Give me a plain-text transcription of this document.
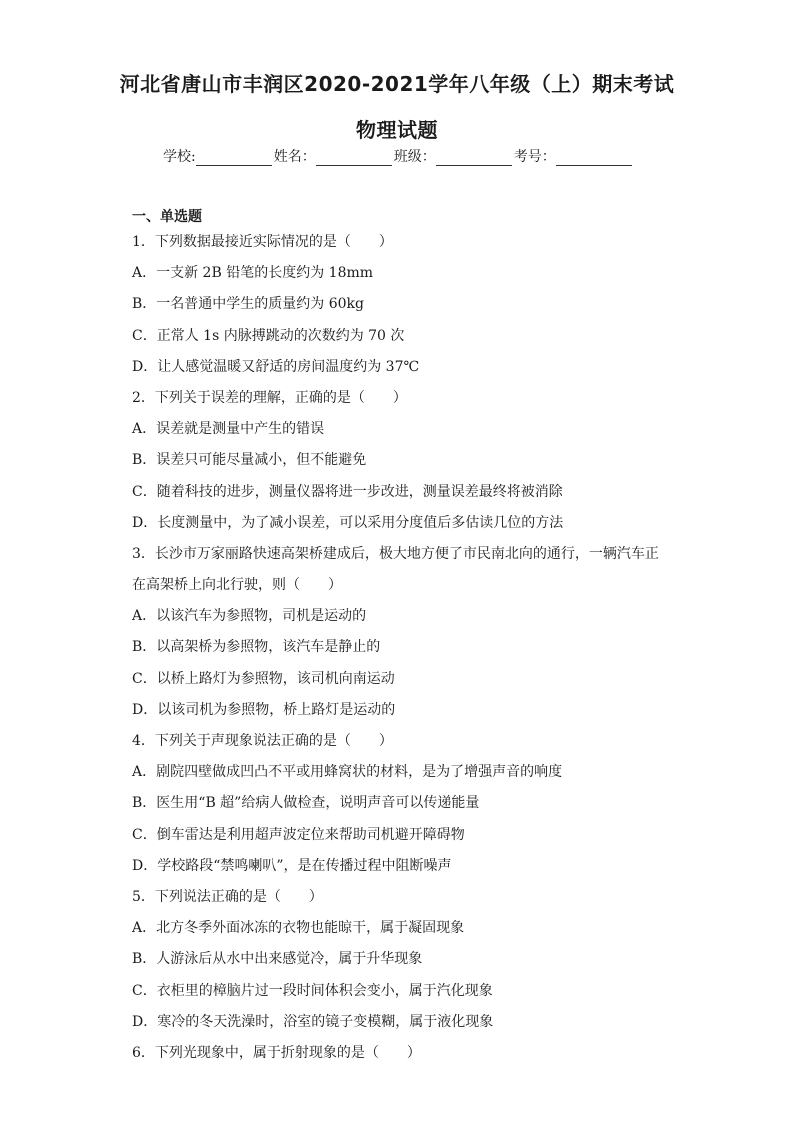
河北省唐山市丰润区2020-2021学年八年级（上）期末考试
物理试题
学校:	姓名：	班级：	考号：
一、单选题
1．下列数据最接近实际情况的是（　　）
A．一支新 2B 铅笔的长度约为 18mm
B．一名普通中学生的质量约为 60kg
C．正常人 1s 内脉搏跳动的次数约为 70 次
D．让人感觉温暖又舒适的房间温度约为 37℃
2．下列关于误差的理解，正确的是（　　）
A．误差就是测量中产生的错误
B．误差只可能尽量减小，但不能避免
C．随着科技的进步，测量仪器将进一步改进，测量误差最终将被消除
D．长度测量中，为了减小误差，可以采用分度值后多估读几位的方法
3．长沙市万家丽路快速高架桥建成后，极大地方便了市民南北向的通行，一辆汽车正
在高架桥上向北行驶，则（　　）
A．以该汽车为参照物，司机是运动的
B．以高架桥为参照物，该汽车是静止的
C．以桥上路灯为参照物，该司机向南运动
D．以该司机为参照物，桥上路灯是运动的
4．下列关于声现象说法正确的是（　　）
A．剧院四壁做成凹凸不平或用蜂窝状的材料，是为了增强声音的响度
B．医生用“B 超”给病人做检查，说明声音可以传递能量
C．倒车雷达是利用超声波定位来帮助司机避开障碍物
D．学校路段“禁鸣喇叭”，是在传播过程中阻断噪声
5．下列说法正确的是（　　）
A．北方冬季外面冰冻的衣物也能晾干，属于凝固现象
B．人游泳后从水中出来感觉冷，属于升华现象
C．衣柜里的樟脑片过一段时间体积会变小，属于汽化现象
D．寒冷的冬天洗澡时，浴室的镜子变模糊，属于液化现象
6．下列光现象中，属于折射现象的是（　　）
